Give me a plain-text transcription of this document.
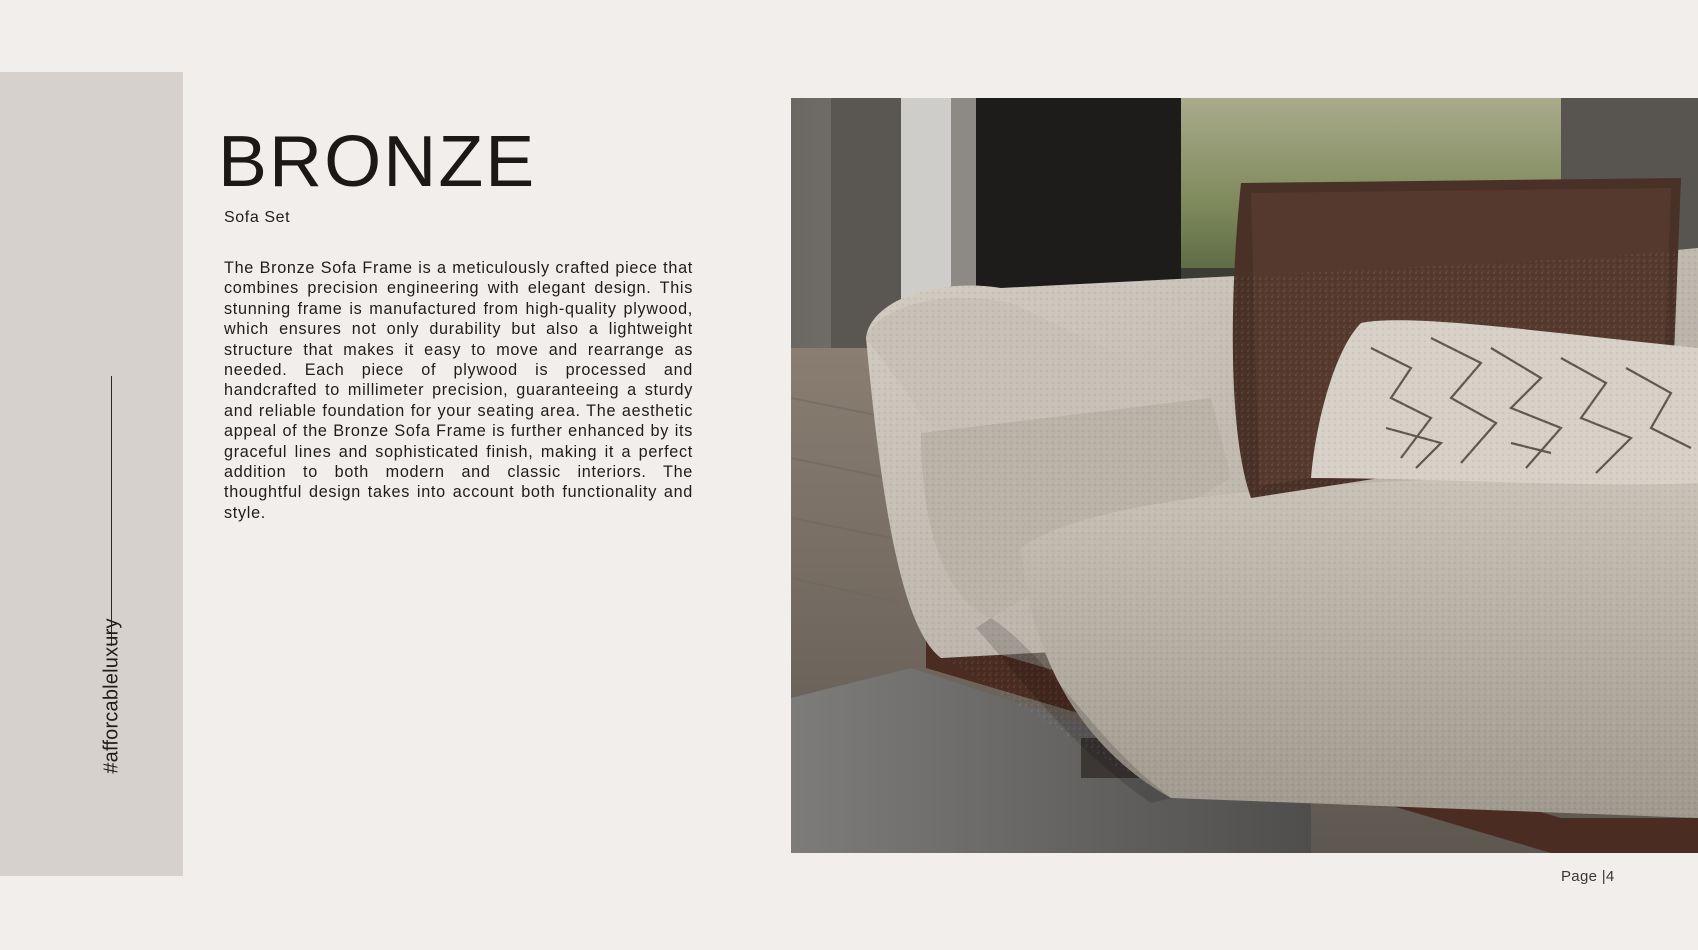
#afforcableluxury
BRONZE
Sofa Set

The Bronze Sofa Frame is a meticulously crafted piece that combines precision engineering with elegant design. This stunning frame is manufactured from high-quality plywood, which ensures not only durability but also a lightweight structure that makes it easy to move and rearrange as needed. Each piece of plywood is processed and handcrafted to millimeter precision, guaranteeing a sturdy and reliable foundation for your seating area. The aesthetic appeal of the Bronze Sofa Frame is further enhanced by its graceful lines and sophisticated finish, making it a perfect addition to both modern and classic interiors. The thoughtful design takes into account both functionality and style.

Page |4
